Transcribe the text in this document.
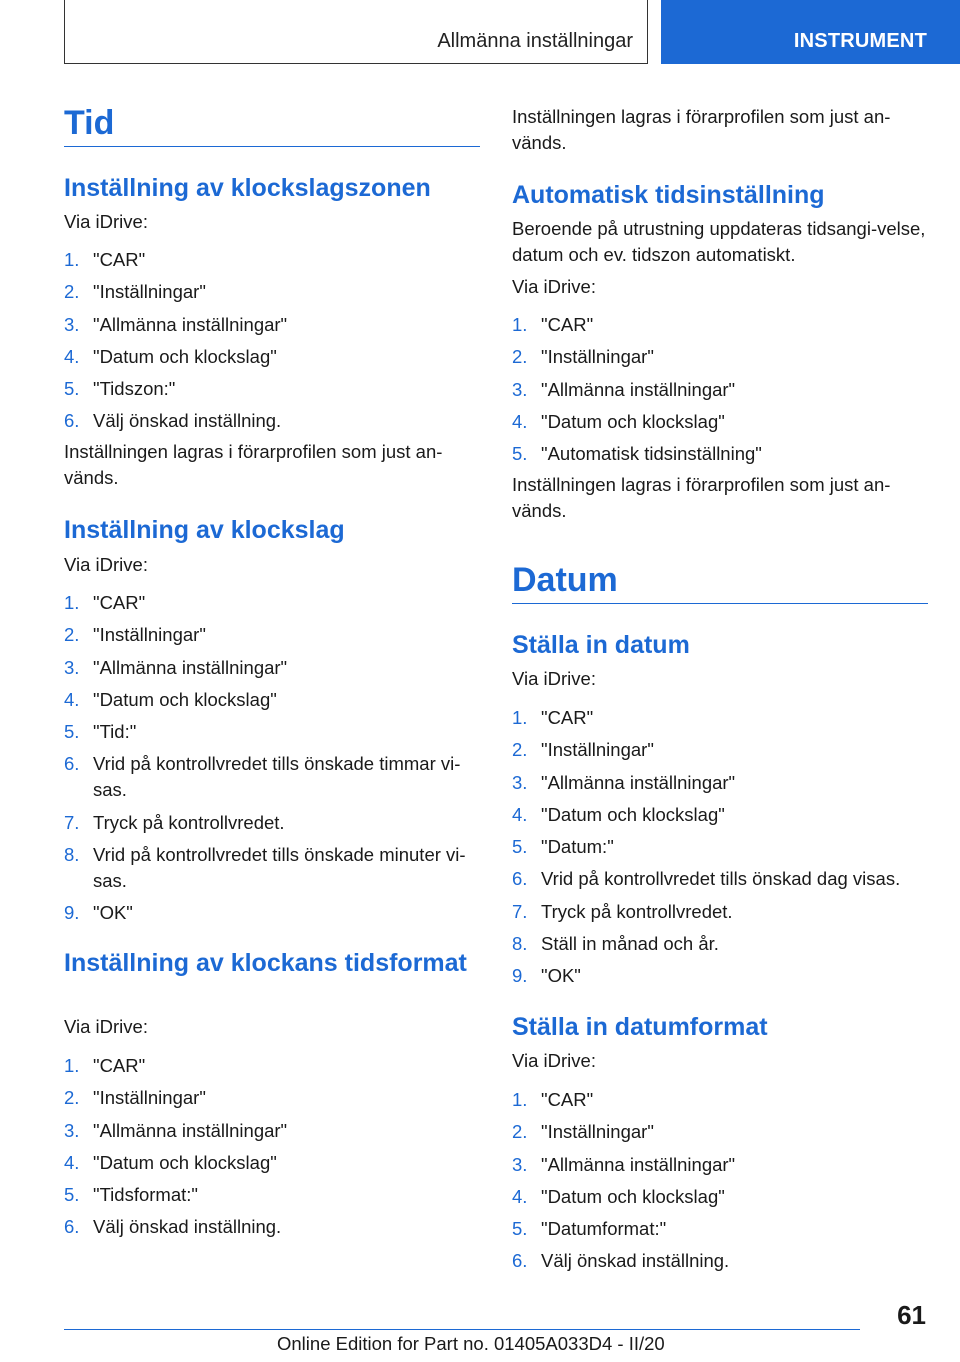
Allmänna inställningar	INSTRUMENT
Tid
Inställning av klockslagszonen
Via iDrive:
1. "CAR"
2. "Inställningar"
3. "Allmänna inställningar"
4. "Datum och klockslag"
5. "Tidszon:"
6. Välj önskad inställning.
Inställningen lagras i förarprofilen som just an-vänds.
Inställning av klockslag
Via iDrive:
1. "CAR"
2. "Inställningar"
3. "Allmänna inställningar"
4. "Datum och klockslag"
5. "Tid:"
6. Vrid på kontrollvredet tills önskade timmar vi-sas.
7. Tryck på kontrollvredet.
8. Vrid på kontrollvredet tills önskade minuter vi-sas.
9. "OK"
Inställning av klockans tidsformat
Via iDrive:
1. "CAR"
2. "Inställningar"
3. "Allmänna inställningar"
4. "Datum och klockslag"
5. "Tidsformat:"
6. Välj önskad inställning.
Inställningen lagras i förarprofilen som just an-vänds.
Automatisk tidsinställning
Beroende på utrustning uppdateras tidsangi-velse, datum och ev. tidszon automatiskt.
Via iDrive:
1. "CAR"
2. "Inställningar"
3. "Allmänna inställningar"
4. "Datum och klockslag"
5. "Automatisk tidsinställning"
Inställningen lagras i förarprofilen som just an-vänds.
Datum
Ställa in datum
Via iDrive:
1. "CAR"
2. "Inställningar"
3. "Allmänna inställningar"
4. "Datum och klockslag"
5. "Datum:"
6. Vrid på kontrollvredet tills önskad dag visas.
7. Tryck på kontrollvredet.
8. Ställ in månad och år.
9. "OK"
Ställa in datumformat
Via iDrive:
1. "CAR"
2. "Inställningar"
3. "Allmänna inställningar"
4. "Datum och klockslag"
5. "Datumformat:"
6. Välj önskad inställning.
61
Online Edition for Part no. 01405A033D4 - II/20
